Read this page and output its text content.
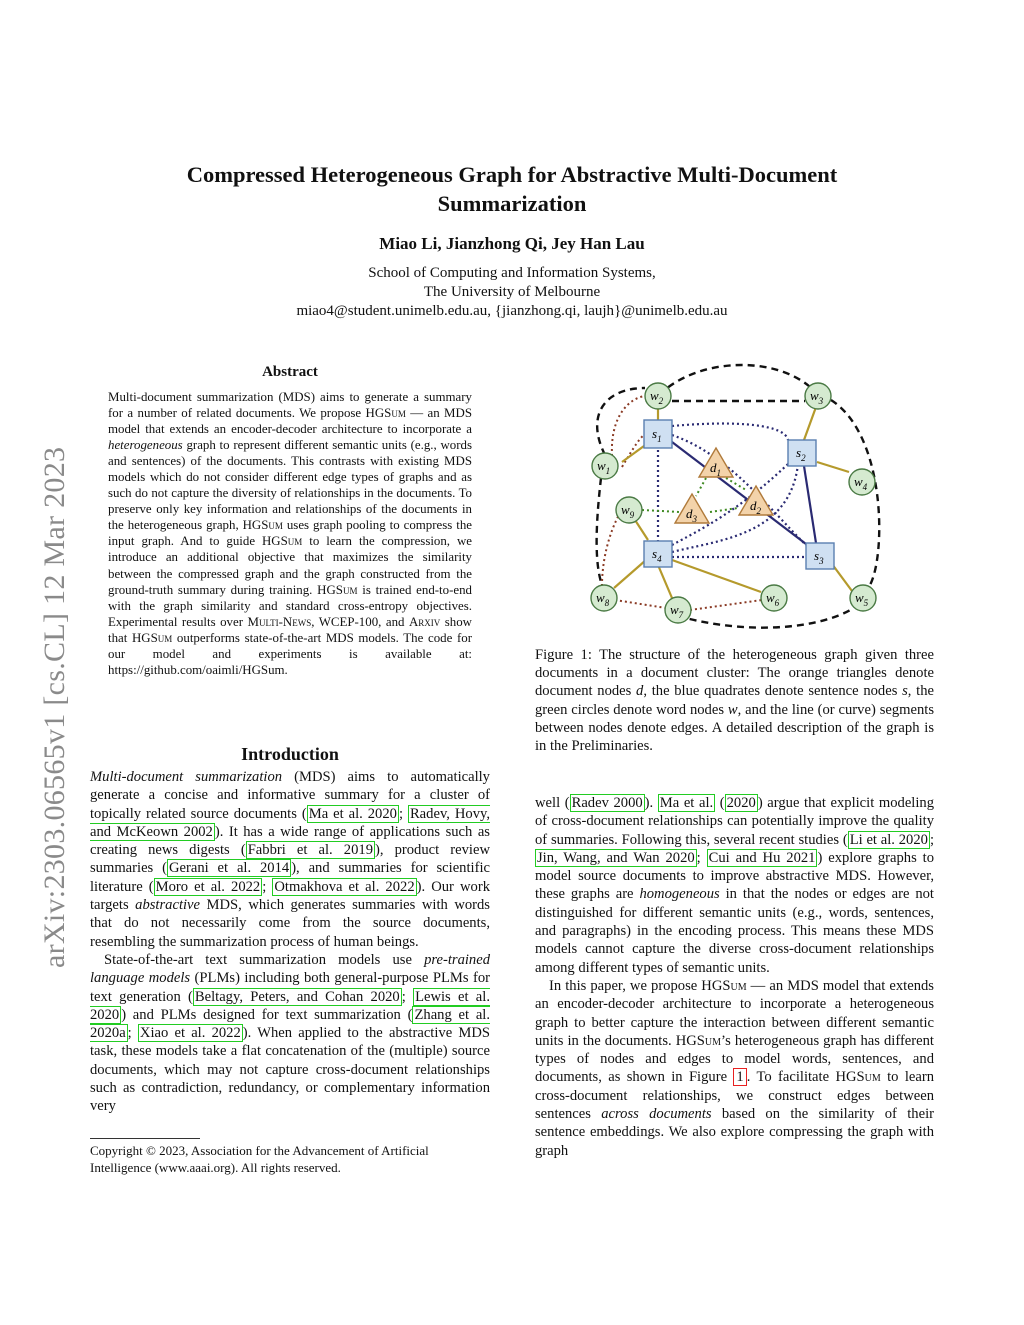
arXiv:2303.06565v1 [cs.CL] 12 Mar 2023
Compressed Heterogeneous Graph for Abstractive Multi-Document
Summarization
Miao Li, Jianzhong Qi, Jey Han Lau
School of Computing and Information Systems,
The University of Melbourne
miao4@student.unimelb.edu.au, {jianzhong.qi, laujh}@unimelb.edu.au
Abstract
Multi-document summarization (MDS) aims to generate a summary for a number of related documents. We propose HGSum — an MDS model that extends an encoder-decoder architecture to incorporate a heterogeneous graph to represent different semantic units (e.g., words and sentences) of the documents. This contrasts with existing MDS models which do not consider different edge types of graphs and as such do not capture the diversity of relationships in the documents. To preserve only key information and relationships of the documents in the heterogeneous graph, HGSum uses graph pooling to compress the input graph. And to guide HGSum to learn the compression, we introduce an additional objective that maximizes the similarity between the compressed graph and the graph constructed from the ground-truth summary during training. HGSum is trained end-to-end with the graph similarity and standard cross-entropy objectives. Experimental results over Multi-News, WCEP-100, and Arxiv show that HGSum outperforms state-of-the-art MDS models. The code for our model and experiments is available at: https://github.com/oaimli/HGSum.
Introduction

Multi-document summarization (MDS) aims to automatically generate a concise and informative summary for a cluster of topically related source documents ( Ma et al. 2020 ; Radev, Hovy, and McKeown 2002 ). It has a wide range of applications such as creating news digests ( Fabbri et al. 2019 ), product review summaries ( Gerani et al. 2014 ), and summaries for scientific literature ( Moro et al. 2022 ; Otmakhova et al. 2022 ). Our work targets abstractive MDS, which generates summaries with words that do not necessarily come from the source documents, resembling the summarization process of human beings.

State-of-the-art text summarization models use pre-trained language models (PLMs) including both general-purpose PLMs for text generation ( Beltagy, Peters, and Cohan 2020 ; Lewis et al. 2020 ) and PLMs designed for text summarization ( Zhang et al. 2020a ; Xiao et al. 2022 ). When applied to the abstractive MDS task, these models take a flat concatenation of the (multiple) source documents, which may not capture cross-document relationships such as contradiction, redundancy, or complementary information very

Copyright © 2023, Association for the Advancement of Artificial Intelligence (www.aaai.org). All rights reserved.
$d_1$
$d_3$
$d_2$
$s_1$
$s_2$
$s_4$	$s_3$
$w_2$	$w_3$
$w_1$
$w_4$
$w_9$
$w_8$	$w_7$
$w_6$	$w_5$
Figure 1: The structure of the heterogeneous graph given three documents in a document cluster: The orange triangles denote document nodes d, the blue quadrates denote sentence nodes s, the green circles denote word nodes w, and the line (or curve) segments between nodes denote edges. A detailed description of the graph is in the Preliminaries.

well ( Radev 2000 ). Ma et al. ( 2020 ) argue that explicit modeling of cross-document relationships can potentially improve the quality of summaries. Following this, several recent studies ( Li et al. 2020 ; Jin, Wang, and Wan 2020 ; Cui and Hu 2021 ) explore graphs to model source documents to improve abstractive MDS. However, these graphs are homogeneous in that the nodes or edges are not distinguished for different semantic units (e.g., words, sentences, and paragraphs) in the encoding process. This means these MDS models cannot capture the diverse cross-document relationships among different types of semantic units.

In this paper, we propose HGSum — an MDS model that extends an encoder-decoder architecture to incorporate a heterogeneous graph to better capture the interaction between different semantic units in the documents. HGSum’s heterogeneous graph has different types of nodes and edges to model words, sentences, and documents, as shown in Figure 1 . To facilitate HGSum to learn cross-document relationships, we construct edges between sentences across documents based on the similarity of their sentence embeddings. We also explore compressing the graph with graph
